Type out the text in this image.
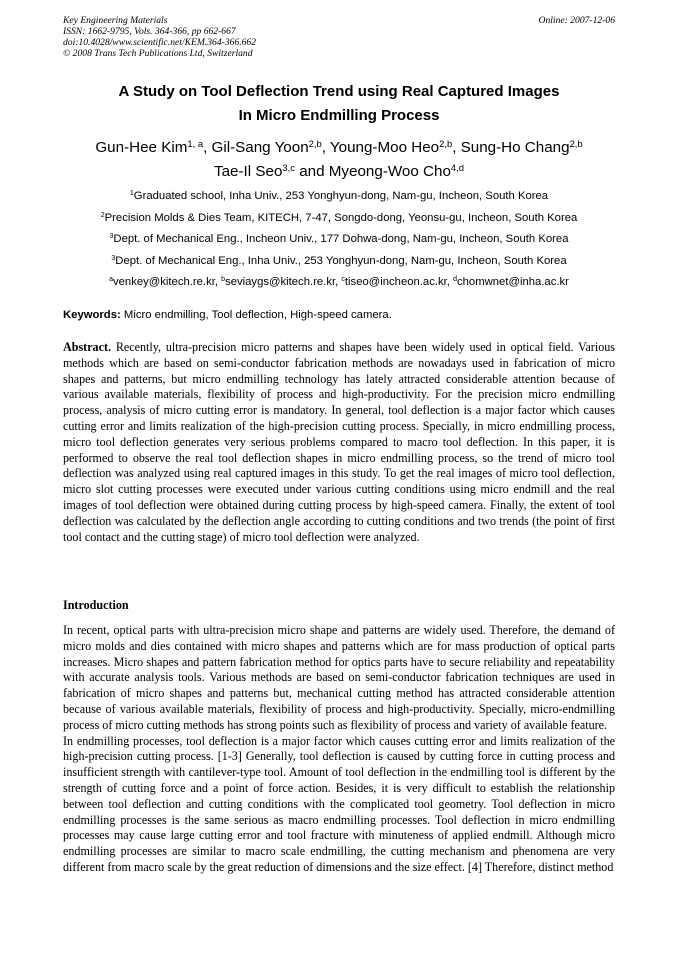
Key Engineering Materials
ISSN: 1662-9795, Vols. 364-366, pp 662-667
doi:10.4028/www.scientific.net/KEM.364-366.662
© 2008 Trans Tech Publications Ltd, Switzerland
Online: 2007-12-06
A Study on Tool Deflection Trend using Real Captured Images
In Micro Endmilling Process
Gun-Hee Kim$^{1, a}$, Gil-Sang Yoon$^{2,b}$, Young-Moo Heo$^{2,b}$, Sung-Ho Chang$^{2,b}$
Tae-Il Seo$^{3,c}$ and Myeong-Woo Cho$^{4,d}$
$^1$Graduated school, Inha Univ., 253 Yonghyun-dong, Nam-gu, Incheon, South Korea
$^2$Precision Molds & Dies Team, KITECH, 7-47, Songdo-dong, Yeonsu-gu, Incheon, South Korea
$^3$Dept. of Mechanical Eng., Incheon Univ., 177 Dohwa-dong, Nam-gu, Incheon, South Korea
$^3$Dept. of Mechanical Eng., Inha Univ., 253 Yonghyun-dong, Nam-gu, Incheon, South Korea
$^a$venkey@kitech.re.kr, $^b$seviaygs@kitech.re.kr, $^c$tiseo@incheon.ac.kr, $^d$chomwnet@inha.ac.kr
Keywords: Micro endmilling, Tool deflection, High-speed camera.
Abstract. Recently, ultra-precision micro patterns and shapes have been widely used in optical field. Various methods which are based on semi-conductor fabrication methods are nowadays used in fabrication of micro shapes and patterns, but micro endmilling technology has lately attracted considerable attention because of various available materials, flexibility of process and high-productivity. For the precision micro endmilling process, analysis of micro cutting error is mandatory. In general, tool deflection is a major factor which causes cutting error and limits realization of the high-precision cutting process. Specially, in micro endmilling process, micro tool deflection generates very serious problems compared to macro tool deflection. In this paper, it is performed to observe the real tool deflection shapes in micro endmilling process, so the trend of micro tool deflection was analyzed using real captured images in this study. To get the real images of micro tool deflection, micro slot cutting processes were executed under various cutting conditions using micro endmill and the real images of tool deflection were obtained during cutting process by high-speed camera. Finally, the extent of tool deflection was calculated by the deflection angle according to cutting conditions and two trends (the point of first tool contact and the cutting stage) of micro tool deflection were analyzed.
Introduction

In recent, optical parts with ultra-precision micro shape and patterns are widely used. Therefore, the demand of micro molds and dies contained with micro shapes and patterns which are for mass production of optical parts increases. Micro shapes and pattern fabrication method for optics parts have to secure reliability and repeatability with accurate analysis tools. Various methods are based on semi-conductor fabrication techniques are used in fabrication of micro shapes and patterns but, mechanical cutting method has attracted considerable attention because of various available materials, flexibility of process and high-productivity. Specially, micro-endmilling process of micro cutting methods has strong points such as flexibility of process and variety of available feature.

In endmilling processes, tool deflection is a major factor which causes cutting error and limits realization of the high-precision cutting process. [1-3] Generally, tool deflection is caused by cutting force in cutting process and insufficient strength with cantilever-type tool. Amount of tool deflection in the endmilling tool is different by the strength of cutting force and a point of force action. Besides, it is very difficult to establish the relationship between tool deflection and cutting conditions with the complicated tool geometry. Tool deflection in micro endmilling processes is the same serious as macro endmilling processes. Tool deflection in micro endmilling processes may cause large cutting error and tool fracture with minuteness of applied endmill. Although micro endmilling processes are similar to macro scale endmilling, the cutting mechanism and phenomena are very different from macro scale by the great reduction of dimensions and the size effect. [4] Therefore, distinct method
